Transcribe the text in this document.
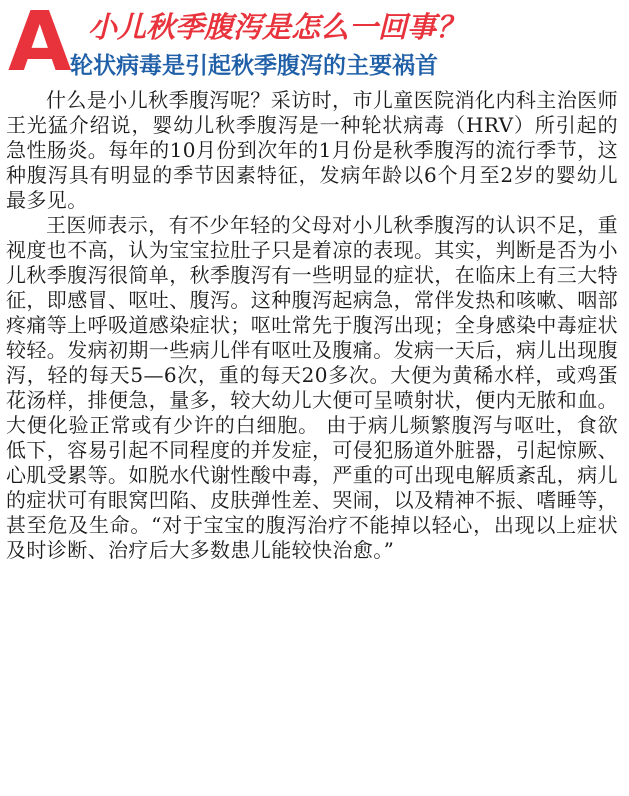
A 小儿秋季腹泻是怎么一回事？
轮状病毒是引起秋季腹泻的主要祸首

什么是小儿秋季腹泻呢？采访时，市儿童医院消化内科主治医师王光猛介绍说，婴幼儿秋季腹泻是一种轮状病毒（HRV）所引起的急性肠炎。每年的10月份到次年的1月份是秋季腹泻的流行季节，这种腹泻具有明显的季节因素特征，发病年龄以6个月至2岁的婴幼儿最多见。

王医师表示，有不少年轻的父母对小儿秋季腹泻的认识不足，重视度也不高，认为宝宝拉肚子只是着凉的表现。其实，判断是否为小儿秋季腹泻很简单，秋季腹泻有一些明显的症状，在临床上有三大特征，即感冒、呕吐、腹泻。这种腹泻起病急，常伴发热和咳嗽、咽部疼痛等上呼吸道感染症状；呕吐常先于腹泻出现；全身感染中毒症状较轻。发病初期一些病儿伴有呕吐及腹痛。发病一天后，病儿出现腹泻，轻的每天5—6次，重的每天20多次。大便为黄稀水样，或鸡蛋花汤样，排便急，量多，较大幼儿大便可呈喷射状，便内无脓和血。大便化验正常或有少许的白细胞。 由于病儿频繁腹泻与呕吐，食欲低下，容易引起不同程度的并发症，可侵犯肠道外脏器，引起惊厥、心肌受累等。如脱水代谢性酸中毒，严重的可出现电解质紊乱，病儿的症状可有眼窝凹陷、皮肤弹性差、哭闹，以及精神不振、嗜睡等，甚至危及生命。“对于宝宝的腹泻治疗不能掉以轻心，出现以上症状及时诊断、治疗后大多数患儿能较快治愈。”
